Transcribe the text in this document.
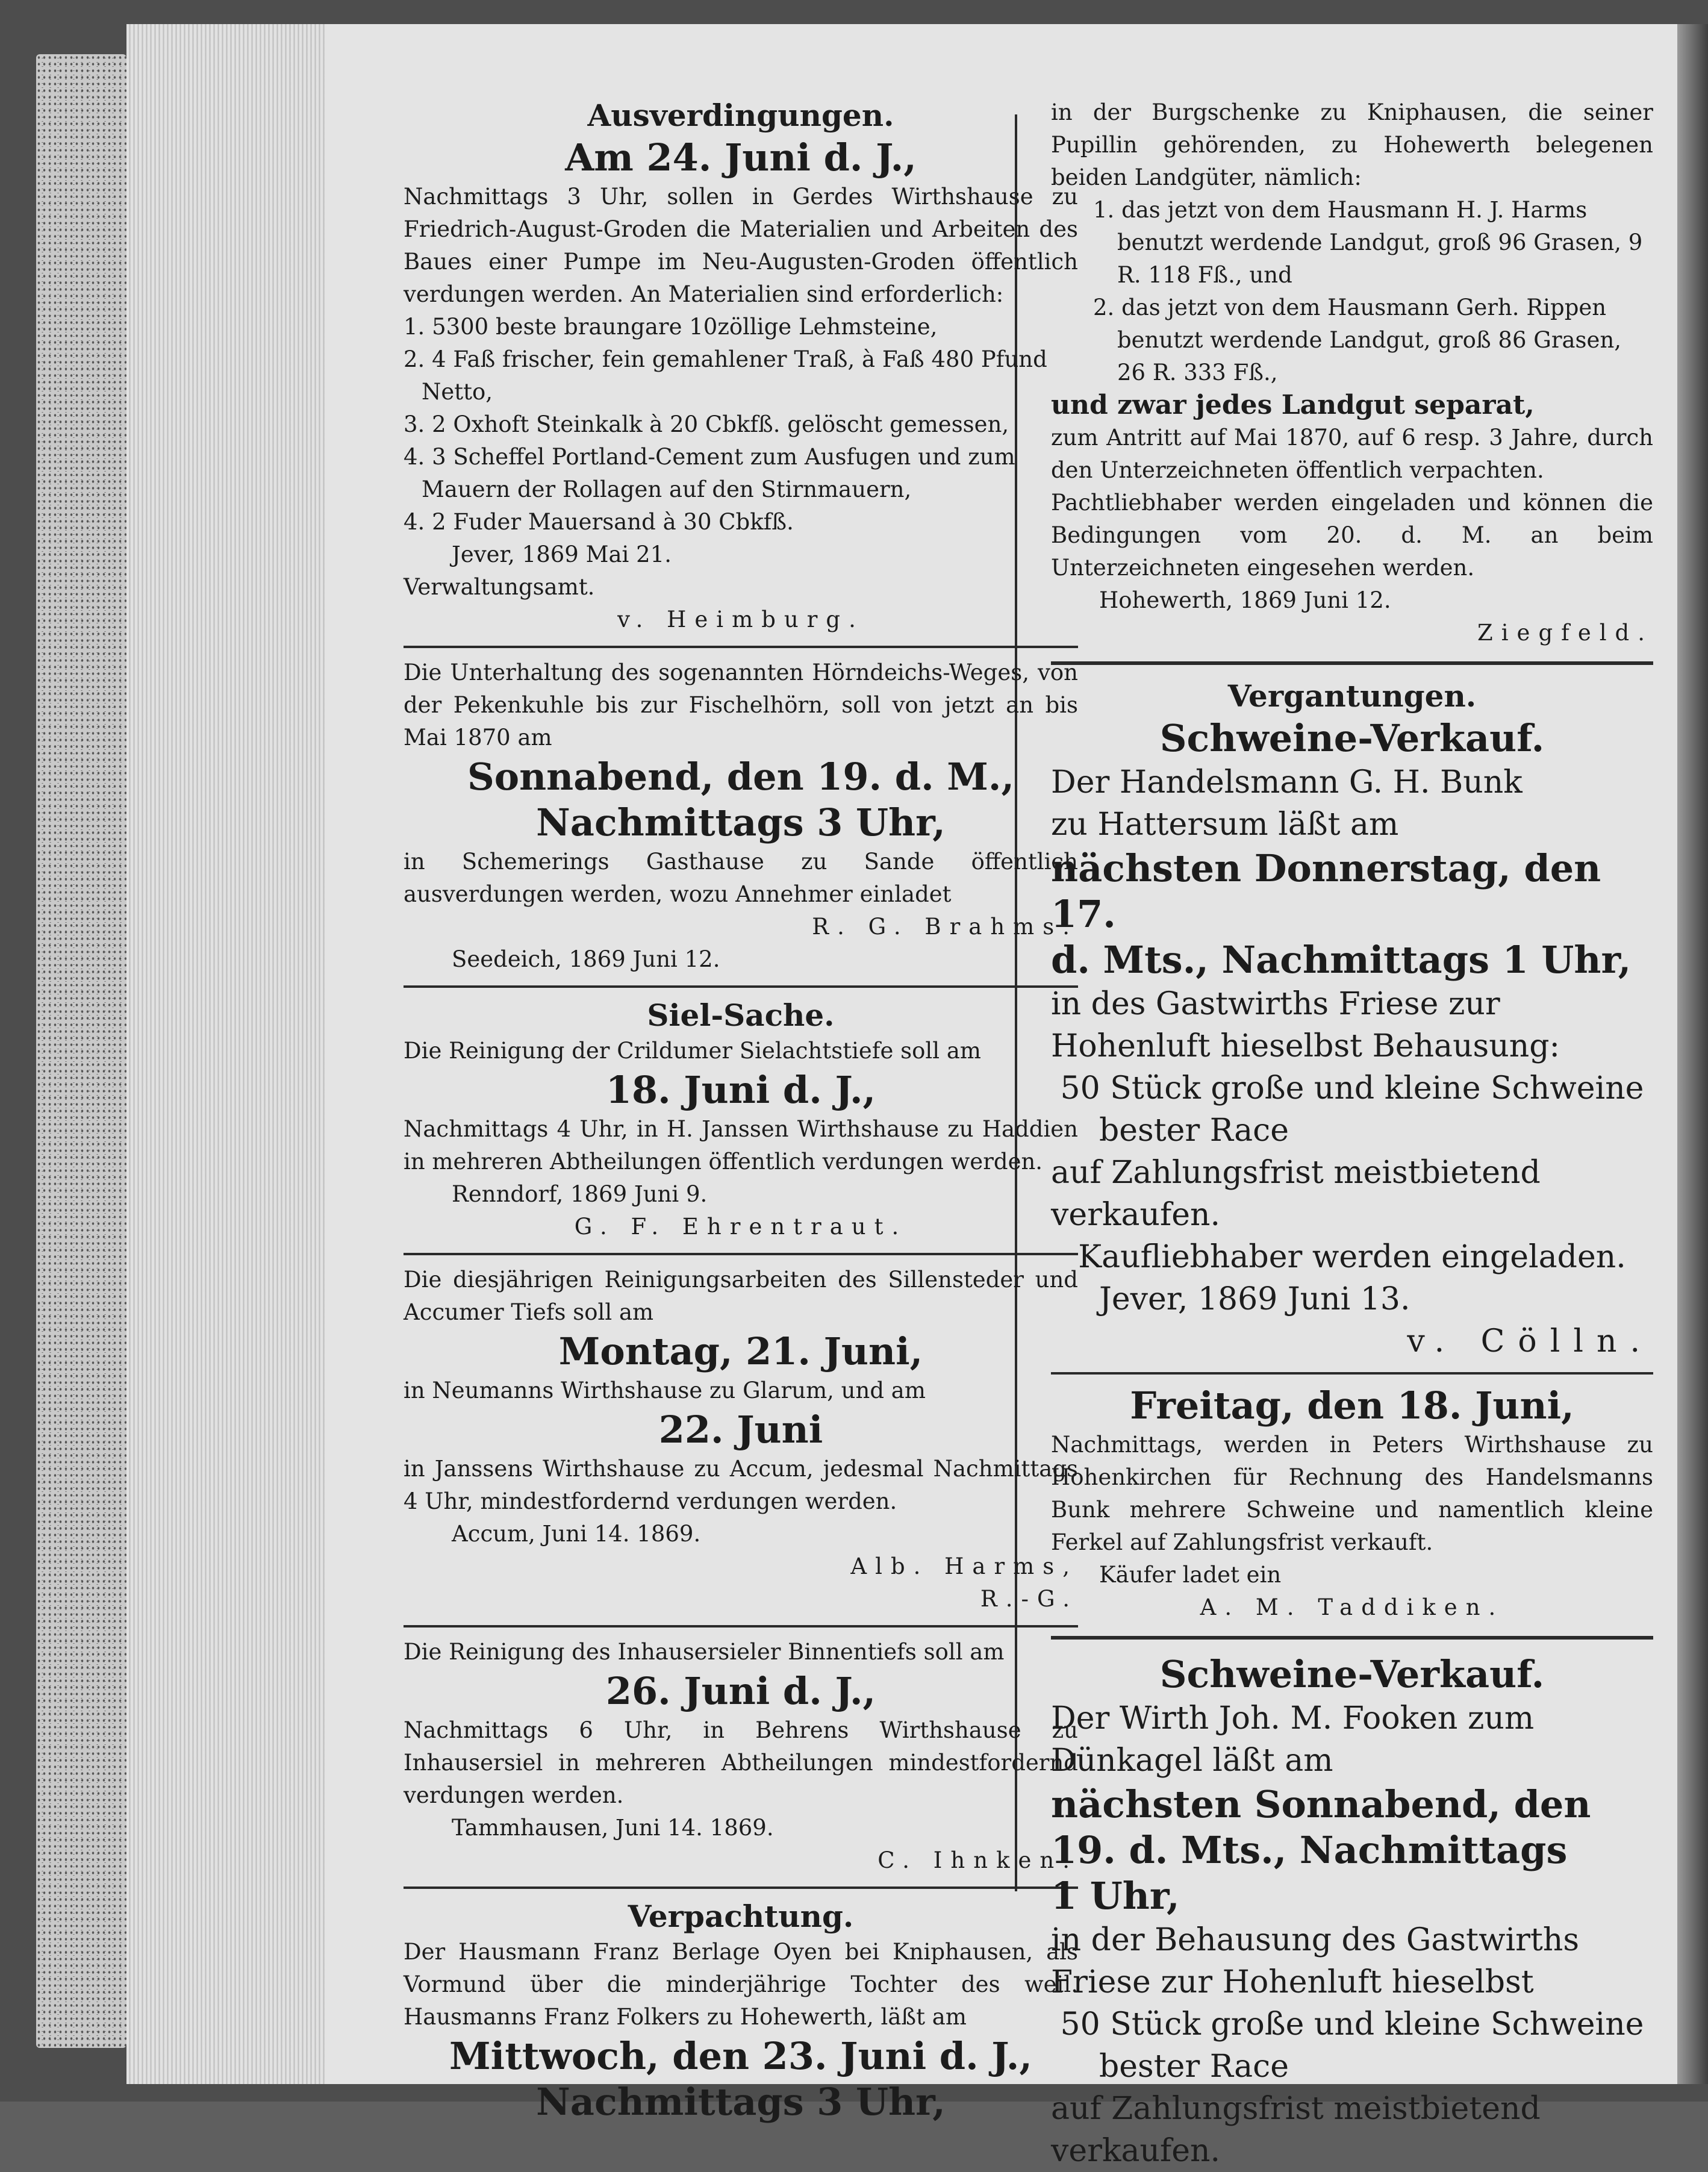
Ausverdingungen.

Am 24. Juni d. J.,

Nachmittags 3 Uhr, sollen in Gerdes Wirthshause zu Friedrich-August-Groden die Materialien und Arbeiten des Baues einer Pumpe im Neu-Augusten-Groden öffentlich verdungen werden. An Materialien sind erforderlich:

1. 5300 beste braungare 10zöllige Lehmsteine,

2. 4 Faß frischer, fein gemahlener Traß, à Faß 480 Pfund Netto,

3. 2 Oxhoft Steinkalk à 20 Cbkfß. gelöscht gemessen,

4. 3 Scheffel Portland-Cement zum Ausfugen und zum Mauern der Rollagen auf den Stirnmauern,

4. 2 Fuder Mauersand à 30 Cbkfß.

Jever, 1869 Mai 21.

Verwaltungsamt.

v. Heimburg.

Die Unterhaltung des sogenannten Hörndeichs-Weges, von der Pekenkuhle bis zur Fischelhörn, soll von jetzt an bis Mai 1870 am

Sonnabend, den 19. d. M.,

Nachmittags 3 Uhr,

in Schemerings Gasthause zu Sande öffentlich ausverdungen werden, wozu Annehmer einladet

R. G. Brahms.

Seedeich, 1869 Juni 12.

Siel-Sache.

Die Reinigung der Crildumer Sielachtstiefe soll am

18. Juni d. J.,

Nachmittags 4 Uhr, in H. Janssen Wirthshause zu Haddien in mehreren Abtheilungen öffentlich verdungen werden.

Renndorf, 1869 Juni 9.

G. F. Ehrentraut.

Die diesjährigen Reinigungsarbeiten des Sillensteder und Accumer Tiefs soll am

Montag, 21. Juni,

in Neumanns Wirthshause zu Glarum, und am

22. Juni

in Janssens Wirthshause zu Accum, jedesmal Nachmittags 4 Uhr, mindestfordernd verdungen werden.

Accum, Juni 14. 1869.

Alb. Harms,

R.-G.

Die Reinigung des Inhausersieler Binnentiefs soll am

26. Juni d. J.,

Nachmittags 6 Uhr, in Behrens Wirthshause zu Inhausersiel in mehreren Abtheilungen mindestfordernd verdungen werden.

Tammhausen, Juni 14. 1869.

C. Ihnken.

Verpachtung.

Der Hausmann Franz Berlage Oyen bei Kniphausen, als Vormund über die minderjährige Tochter des weil. Hausmanns Franz Folkers zu Hohewerth, läßt am

Mittwoch, den 23. Juni d. J.,

Nachmittags 3 Uhr,

in der Burgschenke zu Kniphausen, die seiner Pupillin gehörenden, zu Hohewerth belegenen beiden Landgüter, nämlich:

1. das jetzt von dem Hausmann H. J. Harms benutzt werdende Landgut, groß 96 Grasen, 9 R. 118 Fß., und

2. das jetzt von dem Hausmann Gerh. Rippen benutzt werdende Landgut, groß 86 Grasen, 26 R. 333 Fß.,

und zwar jedes Landgut separat,

zum Antritt auf Mai 1870, auf 6 resp. 3 Jahre, durch den Unterzeichneten öffentlich verpachten.

Pachtliebhaber werden eingeladen und können die Bedingungen vom 20. d. M. an beim Unterzeichneten eingesehen werden.

Hohewerth, 1869 Juni 12.

Ziegfeld.

Vergantungen.

Schweine-Verkauf.

Der Handelsmann G. H. Bunk

zu Hattersum läßt am

nächsten Donnerstag, den 17.

d. Mts., Nachmittags 1 Uhr,

in des Gastwirths Friese zur Hohenluft hieselbst Behausung:

50 Stück große und kleine Schweine

bester Race

auf Zahlungsfrist meistbietend verkaufen.

Kaufliebhaber werden eingeladen.

Jever, 1869 Juni 13.

v. Cölln.

Freitag, den 18. Juni,

Nachmittags, werden in Peters Wirthshause zu Hohenkirchen für Rechnung des Handelsmanns Bunk mehrere Schweine und namentlich kleine Ferkel auf Zahlungsfrist verkauft.

Käufer ladet ein

A. M. Taddiken.

Schweine-Verkauf.

Der Wirth Joh. M. Fooken zum

Dünkagel läßt am

nächsten Sonnabend, den

19. d. Mts., Nachmittags

1 Uhr,

in der Behausung des Gastwirths Friese zur Hohenluft hieselbst

50 Stück große und kleine Schweine

bester Race

auf Zahlungsfrist meistbietend verkaufen.
